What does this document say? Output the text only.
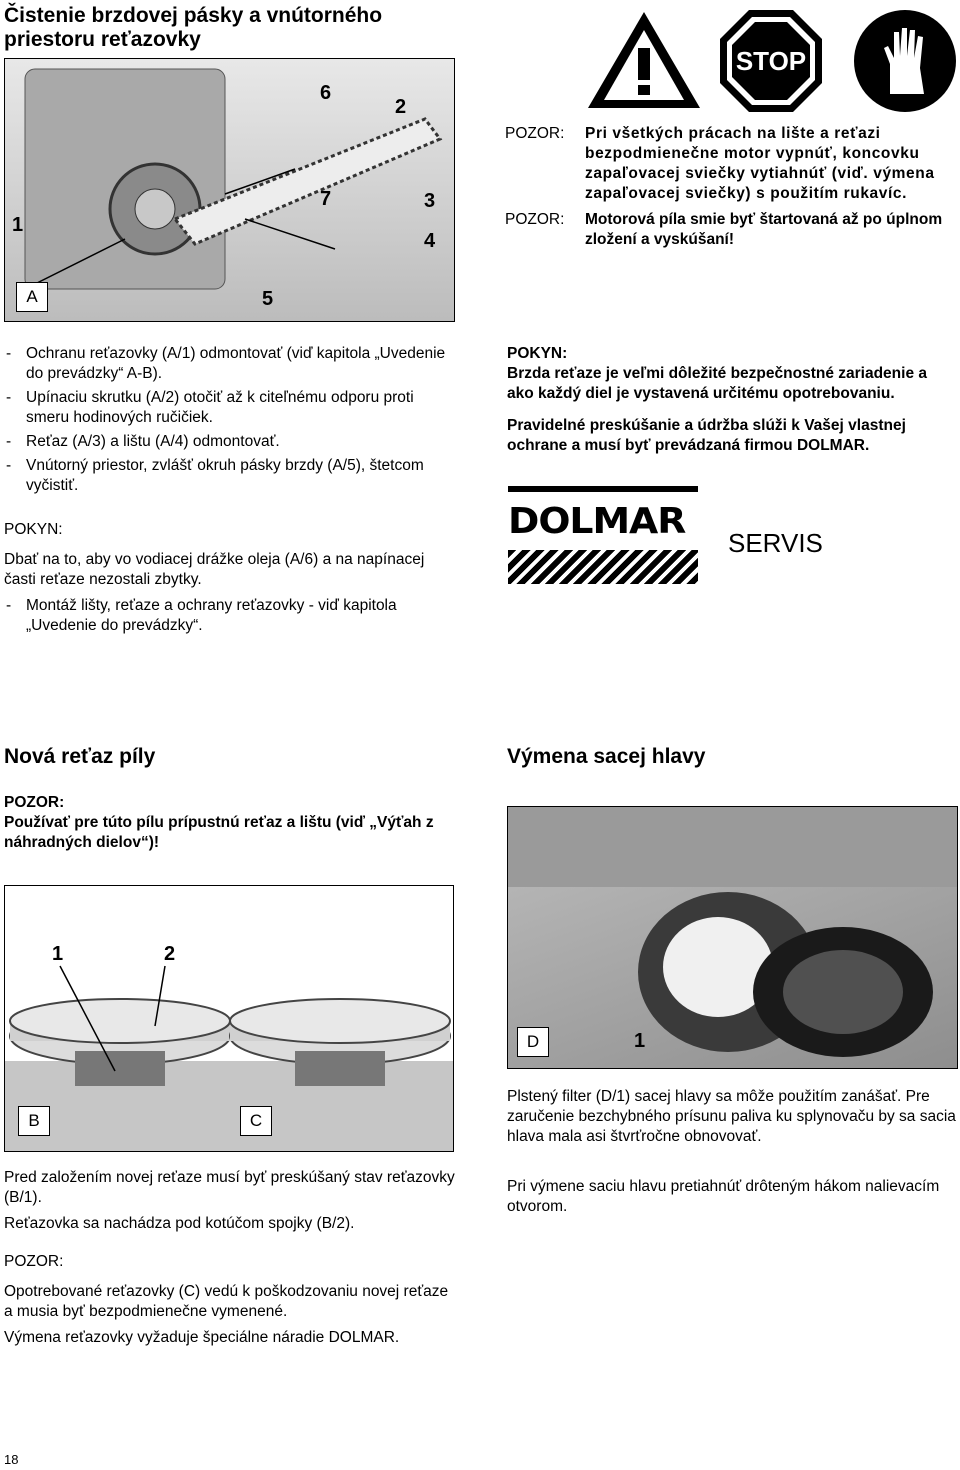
Čistenie brzdovej pásky a vnútorného priestoru reťazovky
A
1
2
3
4
5
6
7
STOP
POZOR:	Pri všetkých prácach na lište a reťazi bezpodmienečne motor vypnúť, koncovku zapaľovacej sviečky vytiahnúť (viď. výmena zapaľovacej sviečky) s použitím rukavíc.
POZOR:	Motorová píla smie byť štartovaná až po úplnom zložení a vyskúšaní!
- Ochranu reťazovky (A/1) odmontovať (viď kapitola „Uvedenie do prevádzky“ A-B).
- Upínaciu skrutku (A/2) otočiť až k citeľnému odporu proti smeru hodinových ručičiek.
- Reťaz (A/3) a lištu (A/4) odmontovať.
- Vnútorný priestor, zvlášť okruh pásky brzdy (A/5), štetcom vyčistiť.
POKYN:
Dbať na to, aby vo vodiacej drážke oleja (A/6) a na napínacej časti reťaze nezostali zbytky.
- Montáž lišty, reťaze a ochrany reťazovky - viď kapitola „Uvedenie do prevádzky“.
POKYN:
Brzda reťaze je veľmi dôležité bezpečnostné zariadenie a ako každý diel je vystavená určitému opotrebovaniu.
Pravidelné preskúšanie a údržba slúži k Vašej vlastnej ochrane a musí byť prevádzaná firmou DOLMAR.
DOLMAR
SERVIS
Nová reťaz píly
POZOR:
Používať pre túto pílu prípustnú reťaz a lištu (viď „Výťah z náhradných dielov“)!
1	2
B	C
Pred založením novej reťaze musí byť preskúšaný stav reťazovky (B/1).
Reťazovka sa nachádza pod kotúčom spojky (B/2).
POZOR:
Opotrebované reťazovky (C) vedú k poškodzovaniu novej reťaze a musia byť bezpodmienečne vymenené.
Výmena reťazovky vyžaduje špeciálne náradie DOLMAR.
Výmena sacej hlavy
D	1
Plstený filter (D/1) sacej hlavy sa môže použitím zanášať. Pre zaručenie bezchybného prísunu paliva ku splynovaču by sa sacia hlava mala asi štvrťročne obnovovať.
Pri výmene saciu hlavu pretiahnúť drôteným hákom nalievacím otvorom.
18
